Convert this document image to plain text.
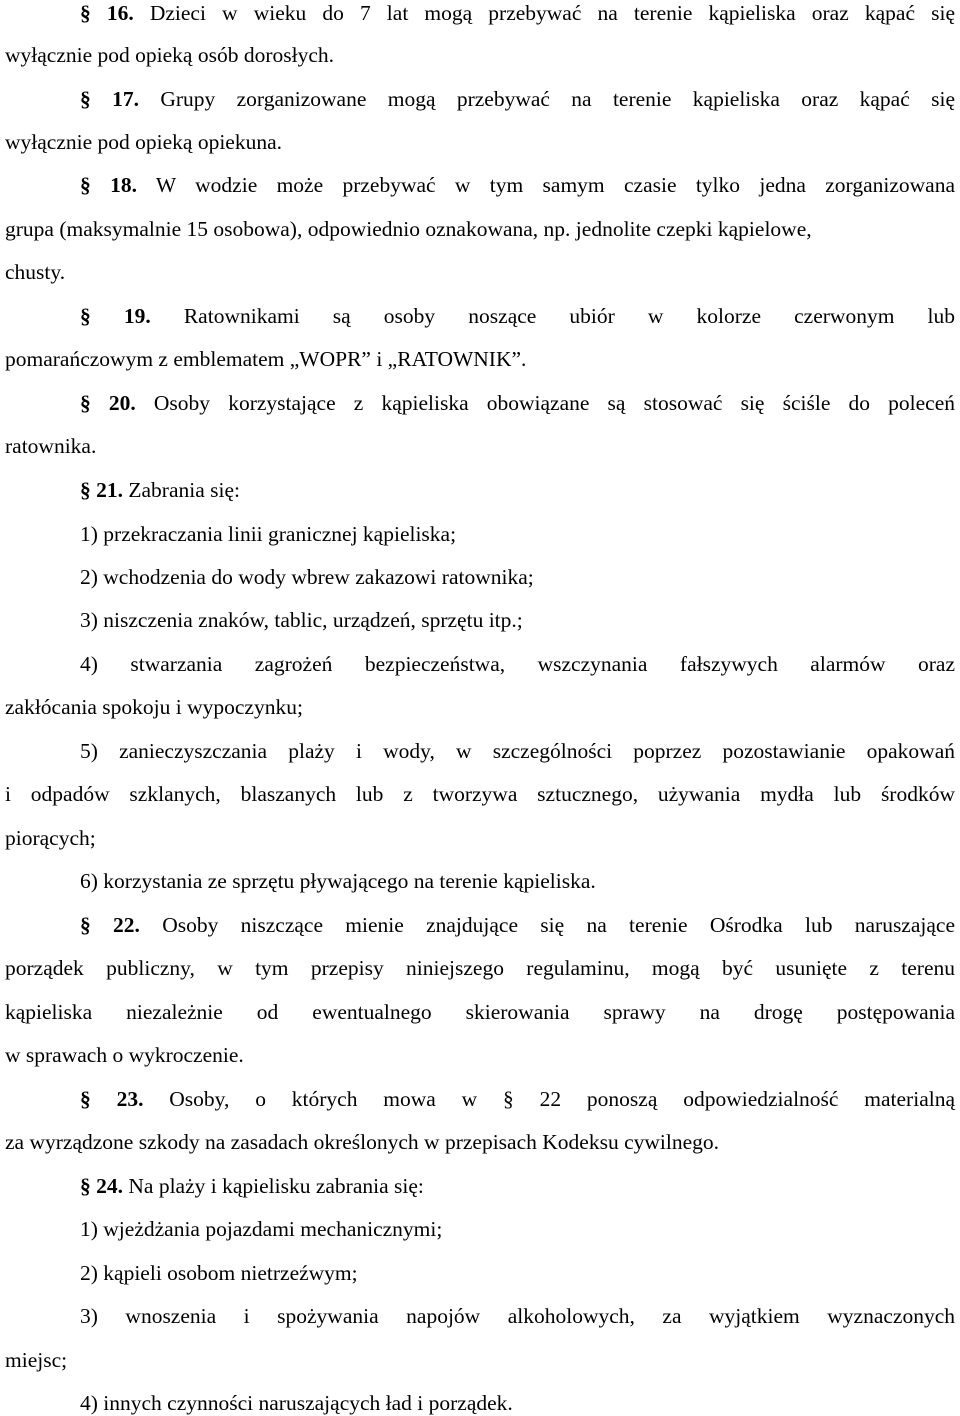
§ 16. Dzieci w wieku do 7 lat mogą przebywać na terenie kąpieliska oraz kąpać się
wyłącznie pod opieką osób dorosłych.
§ 17. Grupy zorganizowane mogą przebywać na terenie kąpieliska oraz kąpać się
wyłącznie pod opieką opiekuna.
§ 18. W wodzie może przebywać w tym samym czasie tylko jedna zorganizowana
grupa (maksymalnie 15 osobowa), odpowiednio oznakowana, np. jednolite czepki kąpielowe,
chusty.
§ 19. Ratownikami są osoby noszące ubiór w kolorze czerwonym lub
pomarańczowym z emblematem „WOPR” i „RATOWNIK”.
§ 20. Osoby korzystające z kąpieliska obowiązane są stosować się ściśle do poleceń
ratownika.
§ 21. Zabrania się:
1) przekraczania linii granicznej kąpieliska;
2) wchodzenia do wody wbrew zakazowi ratownika;
3) niszczenia znaków, tablic, urządzeń, sprzętu itp.;
4) stwarzania zagrożeń bezpieczeństwa, wszczynania fałszywych alarmów oraz
zakłócania spokoju i wypoczynku;
5) zanieczyszczania plaży i wody, w szczególności poprzez pozostawianie opakowań
i odpadów szklanych, blaszanych lub z tworzywa sztucznego, używania mydła lub środków
piorących;
6) korzystania ze sprzętu pływającego na terenie kąpieliska.
§ 22. Osoby niszczące mienie znajdujące się na terenie Ośrodka lub naruszające
porządek publiczny, w tym przepisy niniejszego regulaminu, mogą być usunięte z terenu
kąpieliska niezależnie od ewentualnego skierowania sprawy na drogę postępowania
w sprawach o wykroczenie.
§ 23. Osoby, o których mowa w § 22 ponoszą odpowiedzialność materialną
za wyrządzone szkody na zasadach określonych w przepisach Kodeksu cywilnego.
§ 24. Na plaży i kąpielisku zabrania się:
1) wjeżdżania pojazdami mechanicznymi;
2) kąpieli osobom nietrzeźwym;
3) wnoszenia i spożywania napojów alkoholowych, za wyjątkiem wyznaczonych
miejsc;
4) innych czynności naruszających ład i porządek.
